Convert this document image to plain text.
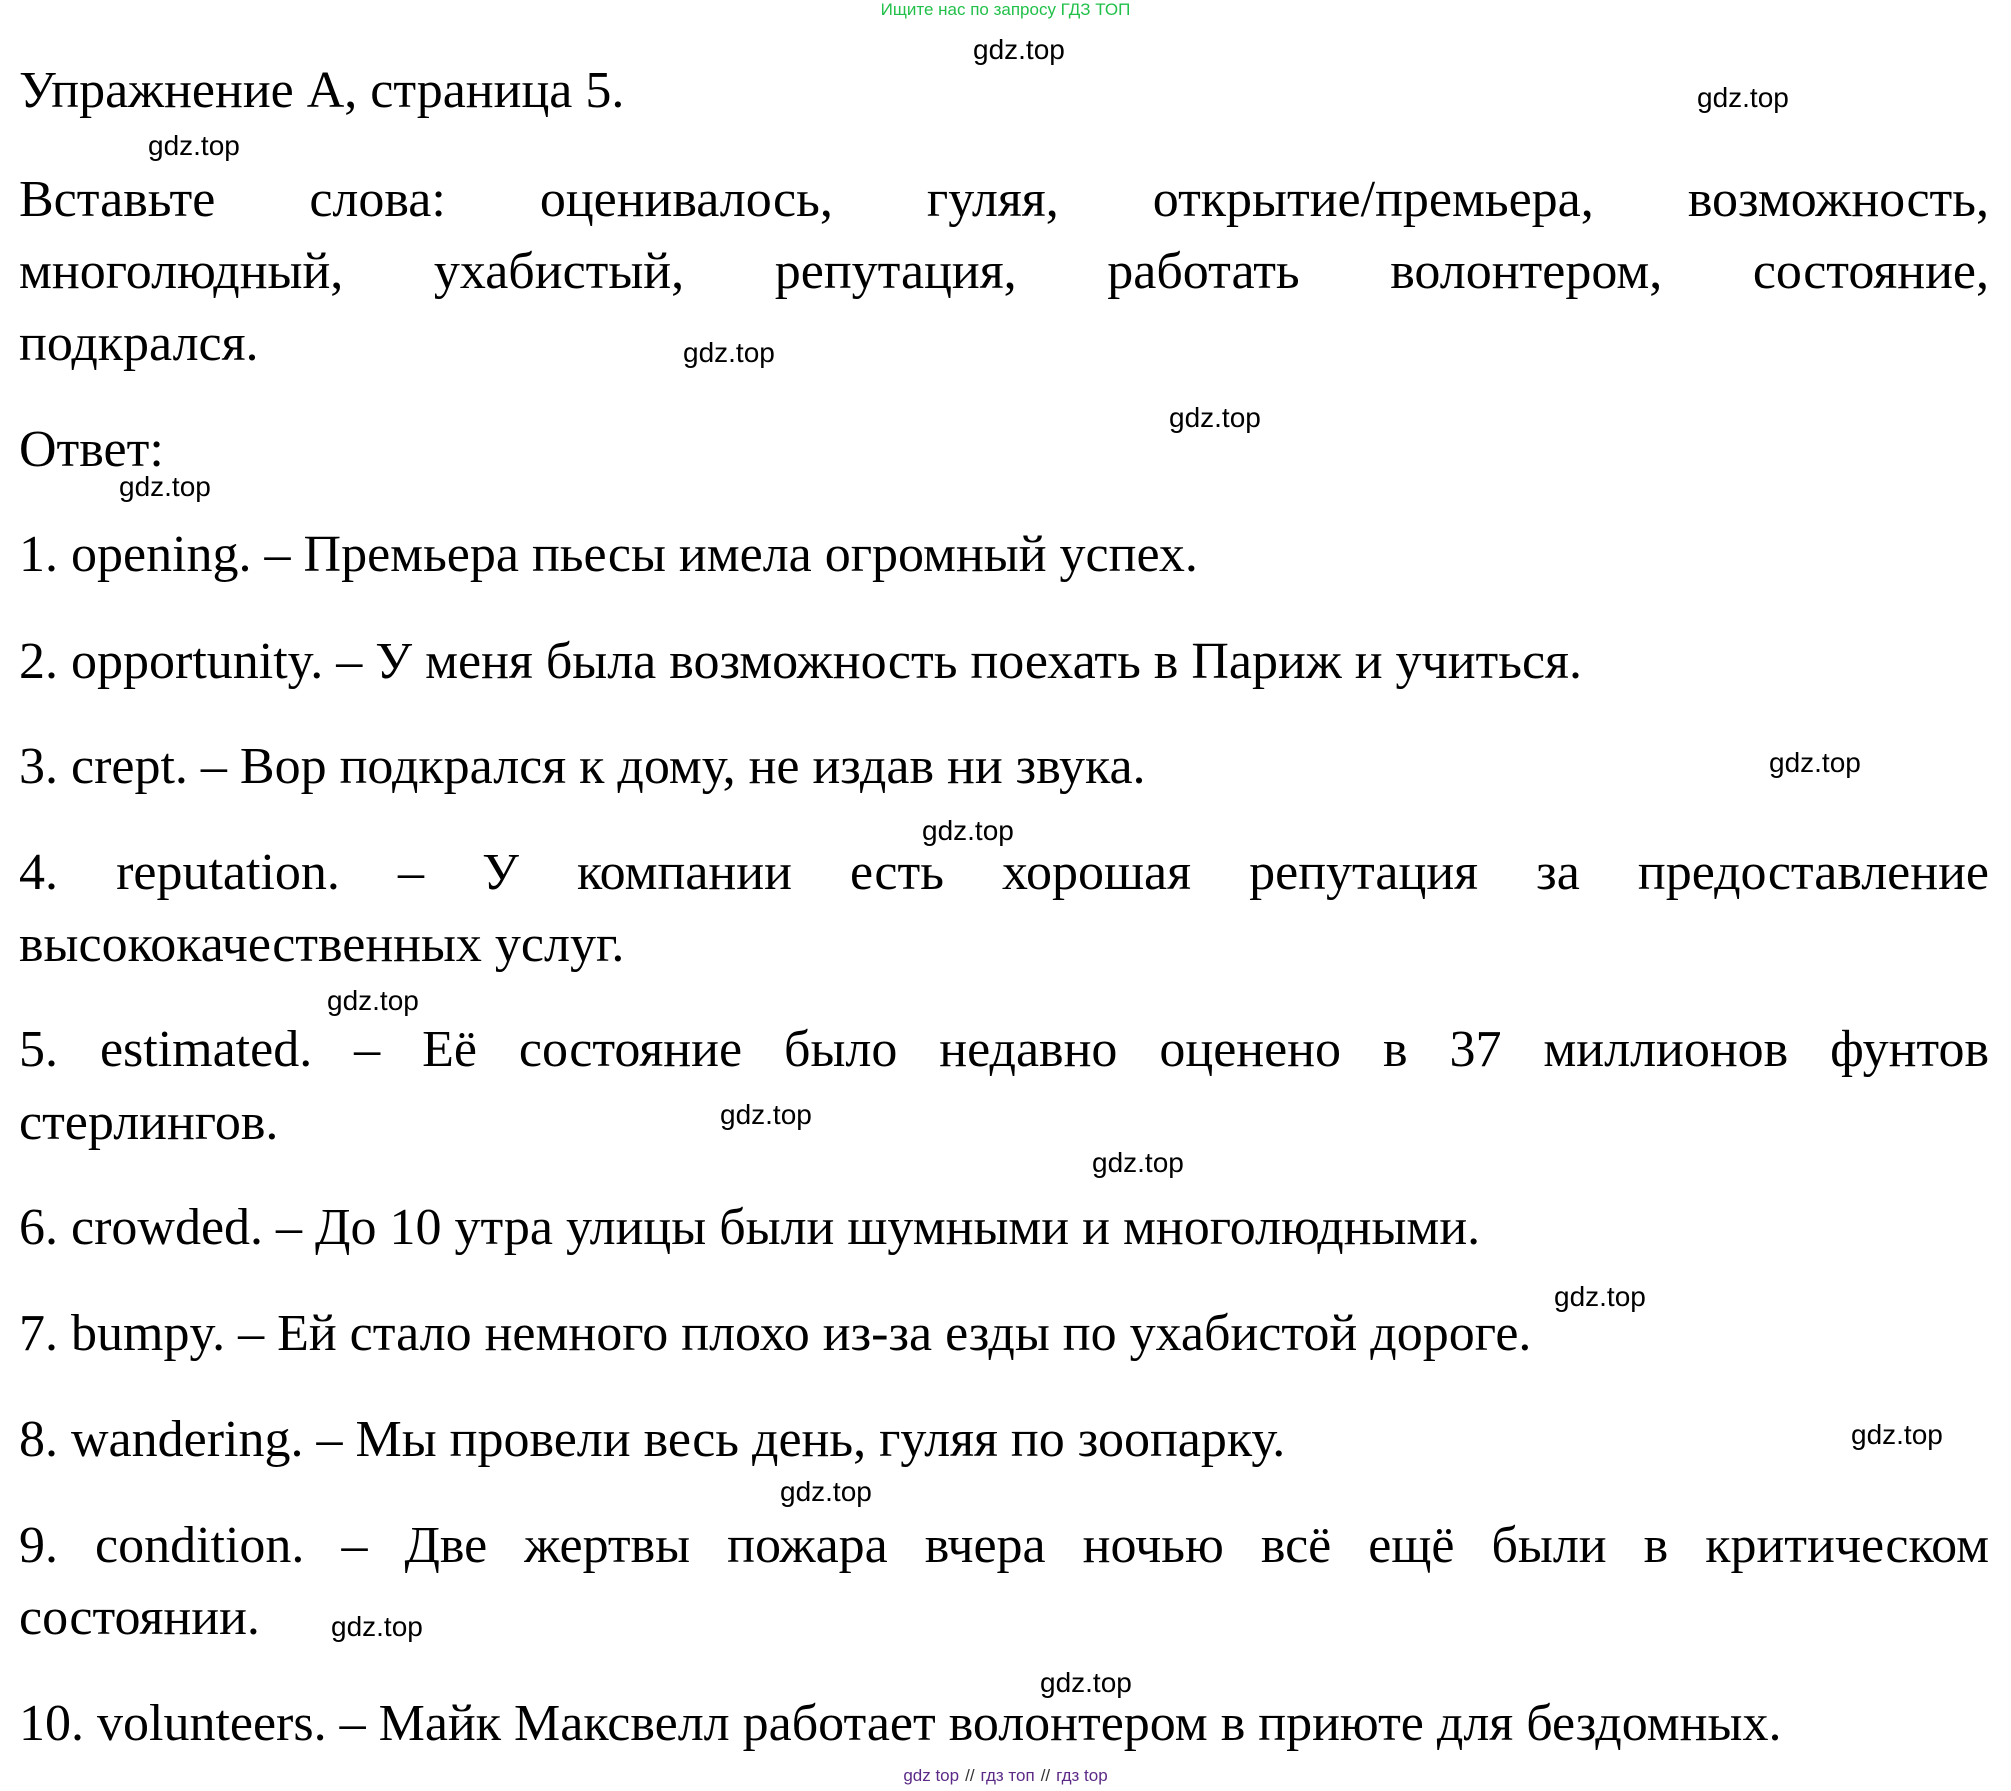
Ищите нас по запросу ГДЗ ТОП
Упражнение A, страница 5.
Вставьте слова: оценивалось, гуляя, открытие/премьера, возможность,
многолюдный, ухабистый, репутация, работать волонтером, состояние,
подкрался.
Ответ:
1. opening. – Премьера пьесы имела огромный успех.
2. opportunity. – У меня была возможность поехать в Париж и учиться.
3. crept. – Вор подкрался к дому, не издав ни звука.
4. reputation. – У компании есть хорошая репутация за предоставление
высококачественных услуг.
5. estimated. – Её состояние было недавно оценено в 37 миллионов фунтов
стерлингов.
6. crowded. – До 10 утра улицы были шумными и многолюдными.
7. bumpy. – Ей стало немного плохо из-за езды по ухабистой дороге.
8. wandering. – Мы провели весь день, гуляя по зоопарку.
9. condition. – Две жертвы пожара вчера ночью всё ещё были в критическом
состоянии.
10. volunteers. – Майк Максвелл работает волонтером в приюте для бездомных.
gdz.top
gdz.top
gdz.top
gdz.top
gdz.top
gdz.top
gdz.top
gdz.top
gdz.top
gdz.top
gdz.top
gdz.top
gdz.top
gdz.top
gdz.top
gdz.top
gdz top // гдз топ // гдз top
